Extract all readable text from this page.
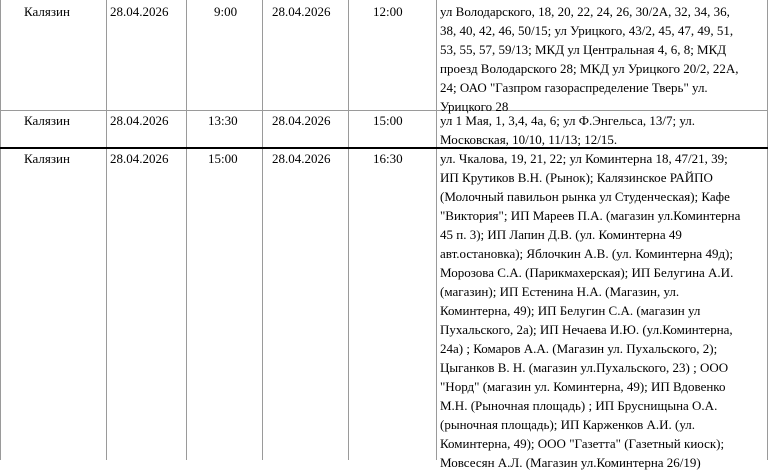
Калязин	28.04.2026	9:00	28.04.2026	12:00	ул Володарского, 18, 20, 22, 24, 26, 30/2А, 32, 34, 36,
38, 40, 42, 46, 50/15; ул Урицкого, 43/2, 45, 47, 49, 51,
53, 55, 57, 59/13; МКД ул Центральная 4, 6, 8; МКД
проезд Володарского 28; МКД ул Урицкого 20/2, 22А,
24; ОАО "Газпром газораспределение Тверь" ул.
Урицкого 28
Калязин	28.04.2026	13:30	28.04.2026	15:00	ул 1 Мая, 1, 3,4, 4а, 6; ул Ф.Энгельса, 13/7; ул.
Московская, 10/10, 11/13; 12/15.
Калязин	28.04.2026	15:00	28.04.2026	16:30	ул. Чкалова, 19, 21, 22; ул Коминтерна 18, 47/21, 39;
ИП Крутиков В.Н. (Рынок); Калязинское РАЙПО
(Молочный павильон рынка ул Студенческая); Кафе
"Виктория"; ИП Мареев П.А. (магазин ул.Коминтерна
45 п. 3); ИП Лапин Д.В. (ул. Коминтерна 49
авт.остановка); Яблочкин А.В. (ул. Коминтерна 49д);
Морозова С.А. (Парикмахерская); ИП Белугина А.И.
(магазин); ИП Естенина Н.А. (Магазин, ул.
Коминтерна, 49); ИП Белугин С.А. (магазин ул
Пухальского, 2а); ИП Нечаева И.Ю. (ул.Коминтерна,
24а) ; Комаров А.А. (Магазин ул. Пухальского, 2);
Цыганков В. Н. (магазин ул.Пухальского, 23) ; ООО
"Норд" (магазин ул. Коминтерна, 49); ИП Вдовенко
М.Н. (Рыночная площадь) ; ИП Бруснищына О.А.
(рыночная площадь); ИП Карженков А.И. (ул.
Коминтерна, 49); ООО "Газетта" (Газетный киоск);
Мовсесян А.Л. (Магазин ул.Коминтерна 26/19)
